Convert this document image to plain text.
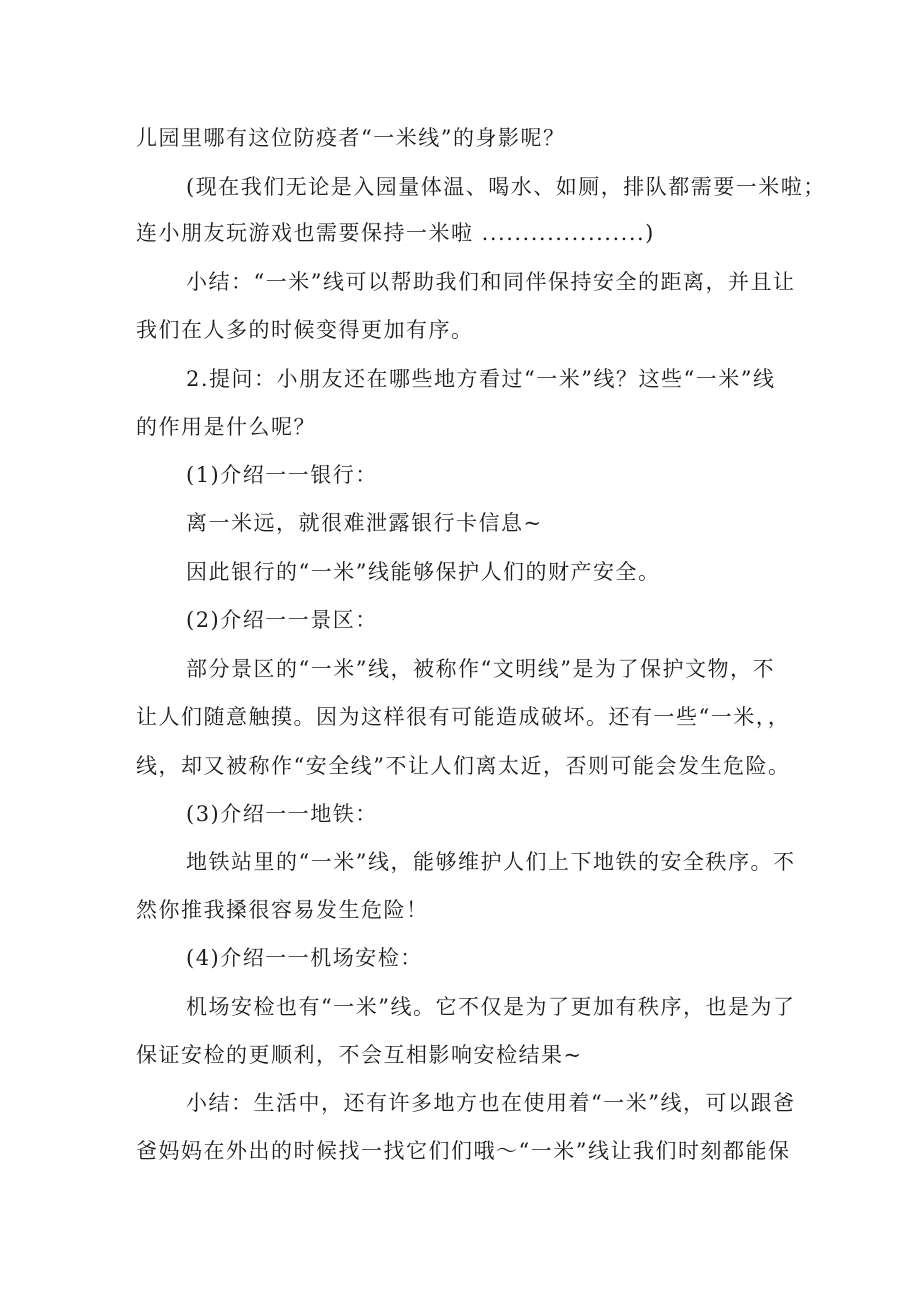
儿园里哪有这位防疫者“一米线”的身影呢？
(现在我们无论是入园量体温、喝水、如厕，排队都需要一米啦；
连小朋友玩游戏也需要保持一米啦 ....................)
小结：“一米”线可以帮助我们和同伴保持安全的距离，并且让
我们在人多的时候变得更加有序。
2.提问：小朋友还在哪些地方看过“一米”线？这些“一米”线
的作用是什么呢？
(1)介绍一一银行：
离一米远，就很难泄露银行卡信息~
因此银行的“一米”线能够保护人们的财产安全。
(2)介绍一一景区：
部分景区的“一米”线，被称作“文明线”是为了保护文物，不
让人们随意触摸。因为这样很有可能造成破坏。还有一些“一米，，
线，却又被称作“安全线”不让人们离太近，否则可能会发生危险。
(3)介绍一一地铁：
地铁站里的“一米”线，能够维护人们上下地铁的安全秩序。不
然你推我搡很容易发生危险！
(4)介绍一一机场安检：
机场安检也有“一米”线。它不仅是为了更加有秩序，也是为了
保证安检的更顺利，不会互相影响安检结果~
小结：生活中，还有许多地方也在使用着“一米”线，可以跟爸
爸妈妈在外出的时候找一找它们们哦～“一米”线让我们时刻都能保
